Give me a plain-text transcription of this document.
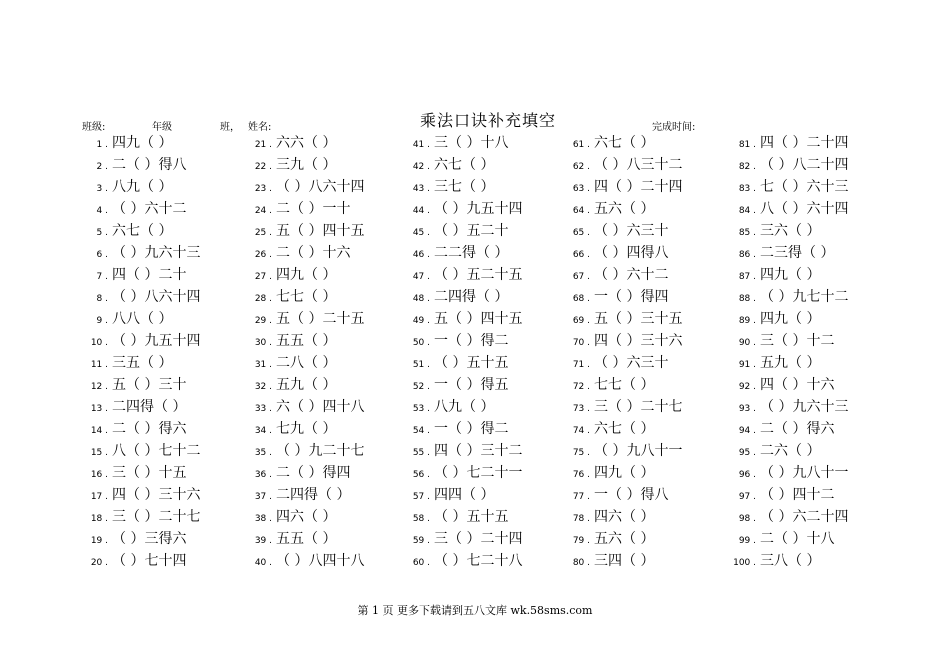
班级:	年级	班， 姓名:	乘法口诀补充填空	完成时间:
1 . 四九（ ）
2 . 二（ ）得八
3 . 八九（ ）
4 . （ ）六十二
5 . 六七（ ）
6 . （ ）九六十三
7 . 四（ ）二十
8 . （ ）八六十四
9 . 八八（ ）
10 . （ ）九五十四
11 . 三五（ ）
12 . 五（ ）三十
13 . 二四得（ ）
14 . 二（ ）得六
15 . 八（ ）七十二
16 . 三（ ）十五
17 . 四（ ）三十六
18 . 三（ ）二十七
19 . （ ）三得六
20 . （ ）七十四
21 . 六六（ ）
22 . 三九（ ）
23 . （ ）八六十四
24 . 二（ ）一十
25 . 五（ ）四十五
26 . 二（ ）十六
27 . 四九（ ）
28 . 七七（ ）
29 . 五（ ）二十五
30 . 五五（ ）
31 . 二八（ ）
32 . 五九（ ）
33 . 六（ ）四十八
34 . 七九（ ）
35 . （ ）九二十七
36 . 二（ ）得四
37 . 二四得（ ）
38 . 四六（ ）
39 . 五五（ ）
40 . （ ）八四十八
41 . 三（ ）十八
42 . 六七（ ）
43 . 三七（ ）
44 . （ ）九五十四
45 . （ ）五二十
46 . 二二得（ ）
47 . （ ）五二十五
48 . 二四得（ ）
49 . 五（ ）四十五
50 . 一（ ）得二
51 . （ ）五十五
52 . 一（ ）得五
53 . 八九（ ）
54 . 一（ ）得二
55 . 四（ ）三十二
56 . （ ）七二十一
57 . 四四（ ）
58 . （ ）五十五
59 . 三（ ）二十四
60 . （ ）七二十八
61 . 六七（ ）
62 . （ ）八三十二
63 . 四（ ）二十四
64 . 五六（ ）
65 . （ ）六三十
66 . （ ）四得八
67 . （ ）六十二
68 . 一（ ）得四
69 . 五（ ）三十五
70 . 四（ ）三十六
71 . （ ）六三十
72 . 七七（ ）
73 . 三（ ）二十七
74 . 六七（ ）
75 . （ ）九八十一
76 . 四九（ ）
77 . 一（ ）得八
78 . 四六（ ）
79 . 五六（ ）
80 . 三四（ ）
81 . 四（ ）二十四
82 . （ ）八二十四
83 . 七（ ）六十三
84 . 八（ ）六十四
85 . 三六（ ）
86 . 二三得（ ）
87 . 四九（ ）
88 . （ ）九七十二
89 . 四九（ ）
90 . 三（ ）十二
91 . 五九（ ）
92 . 四（ ）十六
93 . （ ）九六十三
94 . 二（ ）得六
95 . 二六（ ）
96 . （ ）九八十一
97 . （ ）四十二
98 . （ ）六二十四
99 . 二（ ）十八
100 . 三八（ ）
第 1 页 更多下载请到五八文库 wk.58sms.com
